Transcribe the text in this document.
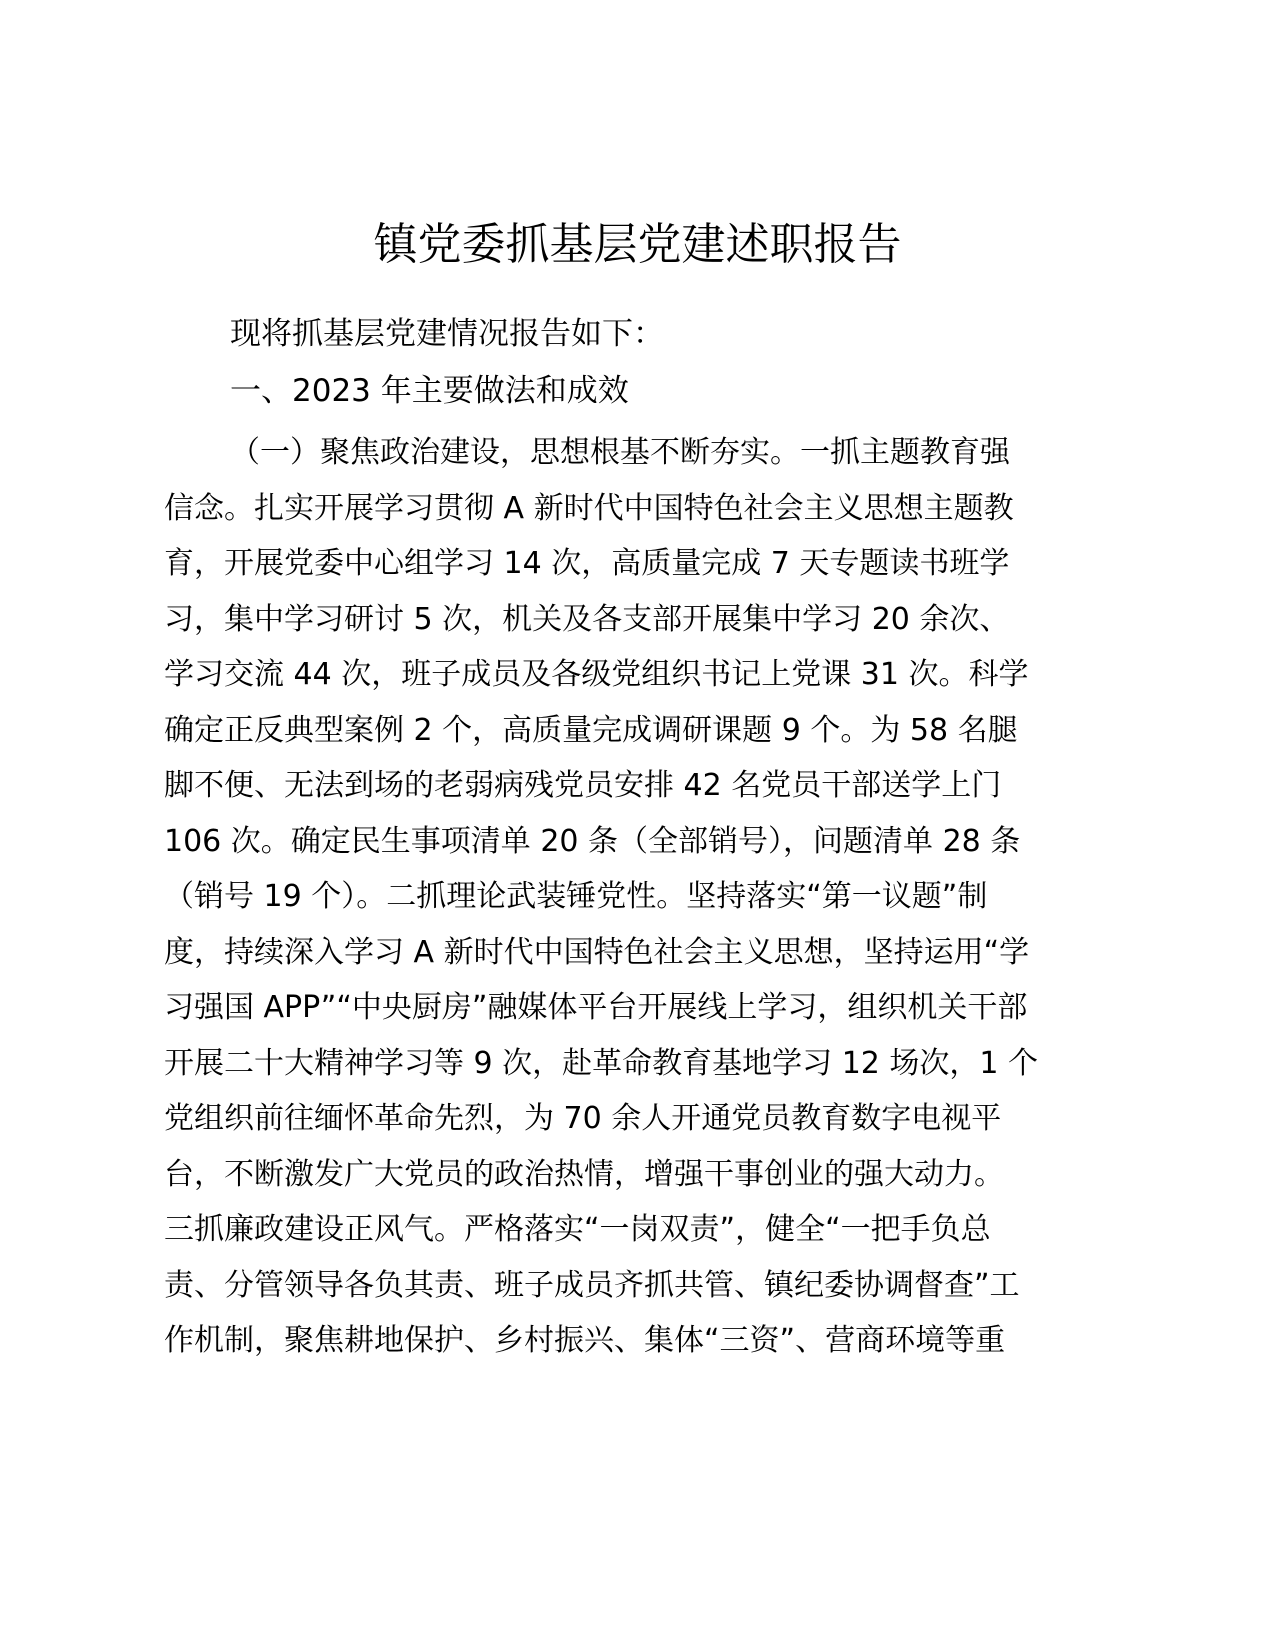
镇党委抓基层党建述职报告

现将抓基层党建情况报告如下：

一、2023 年主要做法和成效

（一）聚焦政治建设，思想根基不断夯实。一抓主题教育强
信念。扎实开展学习贯彻 A 新时代中国特色社会主义思想主题教
育，开展党委中心组学习 14 次，高质量完成 7 天专题读书班学
习，集中学习研讨 5 次，机关及各支部开展集中学习 20 余次、
学习交流 44 次，班子成员及各级党组织书记上党课 31 次。科学
确定正反典型案例 2 个，高质量完成调研课题 9 个。为 58 名腿
脚不便、无法到场的老弱病残党员安排 42 名党员干部送学上门
106 次。确定民生事项清单 20 条（全部销号），问题清单 28 条
（销号 19 个）。二抓理论武装锤党性。坚持落实“第一议题”制
度，持续深入学习 A 新时代中国特色社会主义思想，坚持运用“学
习强国 APP”“中央厨房”融媒体平台开展线上学习，组织机关干部
开展二十大精神学习等 9 次，赴革命教育基地学习 12 场次，1 个
党组织前往缅怀革命先烈，为 70 余人开通党员教育数字电视平
台，不断激发广大党员的政治热情，增强干事创业的强大动力。
三抓廉政建设正风气。严格落实“一岗双责”，健全“一把手负总
责、分管领导各负其责、班子成员齐抓共管、镇纪委协调督查”工
作机制，聚焦耕地保护、乡村振兴、集体“三资”、营商环境等重
